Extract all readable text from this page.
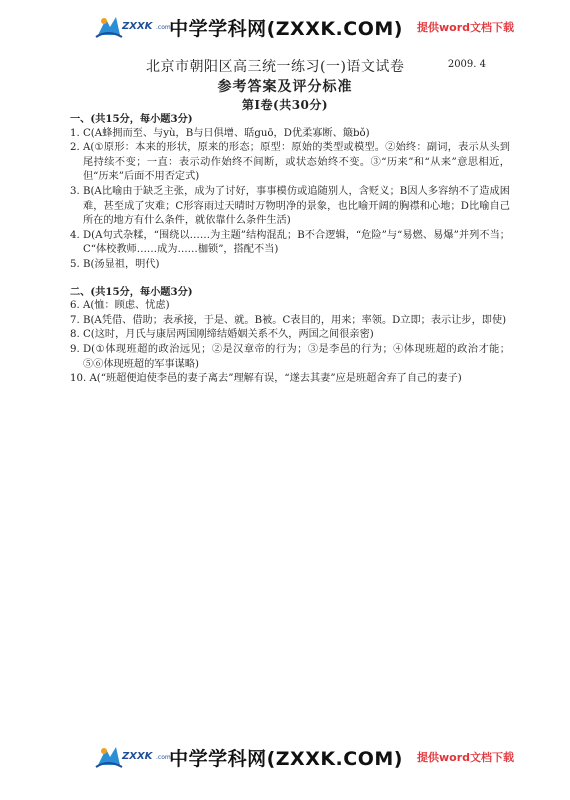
ZXXK .com
中学学科网(ZXXK.COM) 提供word文档下载
北京市朝阳区高三统一练习(一)语文试卷	2009. 4
参考答案及评分标准
第Ⅰ卷(共30分)

一、(共15分，每小题3分)

1. C(A蜂拥而至、与yù，B与日俱增、聒guō，D优柔寡断、簸bǒ)
2. A(①原形：本来的形状，原来的形态；原型：原始的类型或模型。②始终：副词，表示从头到尾持续不变；一直：表示动作始终不间断，或状态始终不变。③“历来”和“从来”意思相近，但“历来”后面不用否定式)
3. B(A比喻由于缺乏主张，成为了讨好，事事模仿或追随别人，含贬义；B因人多容纳不了造成困难，甚至成了灾难；C形容雨过天晴时万物明净的景象，也比喻开阔的胸襟和心地；D比喻自己所在的地方有什么条件，就依靠什么条件生活)
4. D(A句式杂糅，“围绕以……为主题”结构混乱；B不合逻辑，“危险”与“易燃、易爆”并列不当；C“体校教师……成为……枷锁”，搭配不当)
5. B(汤显祖，明代)

二、(共15分，每小题3分)

6. A(恤：顾虑、忧虑)
7. B(A凭借、借助；表承接，于是、就。B被。C表目的，用来；率领。D立即；表示让步，即使)
8. C(这时，月氏与康居两国刚缔结婚姻关系不久，两国之间很亲密)
9. D(①体现班超的政治远见；②是汉章帝的行为；③是李邑的行为；④体现班超的政治才能；⑤⑥体现班超的军事谋略)
10. A(“班超便迫使李邑的妻子离去”理解有误，“遂去其妻”应是班超舍弃了自己的妻子)
ZXXK .com
中学学科网(ZXXK.COM) 提供word文档下载
